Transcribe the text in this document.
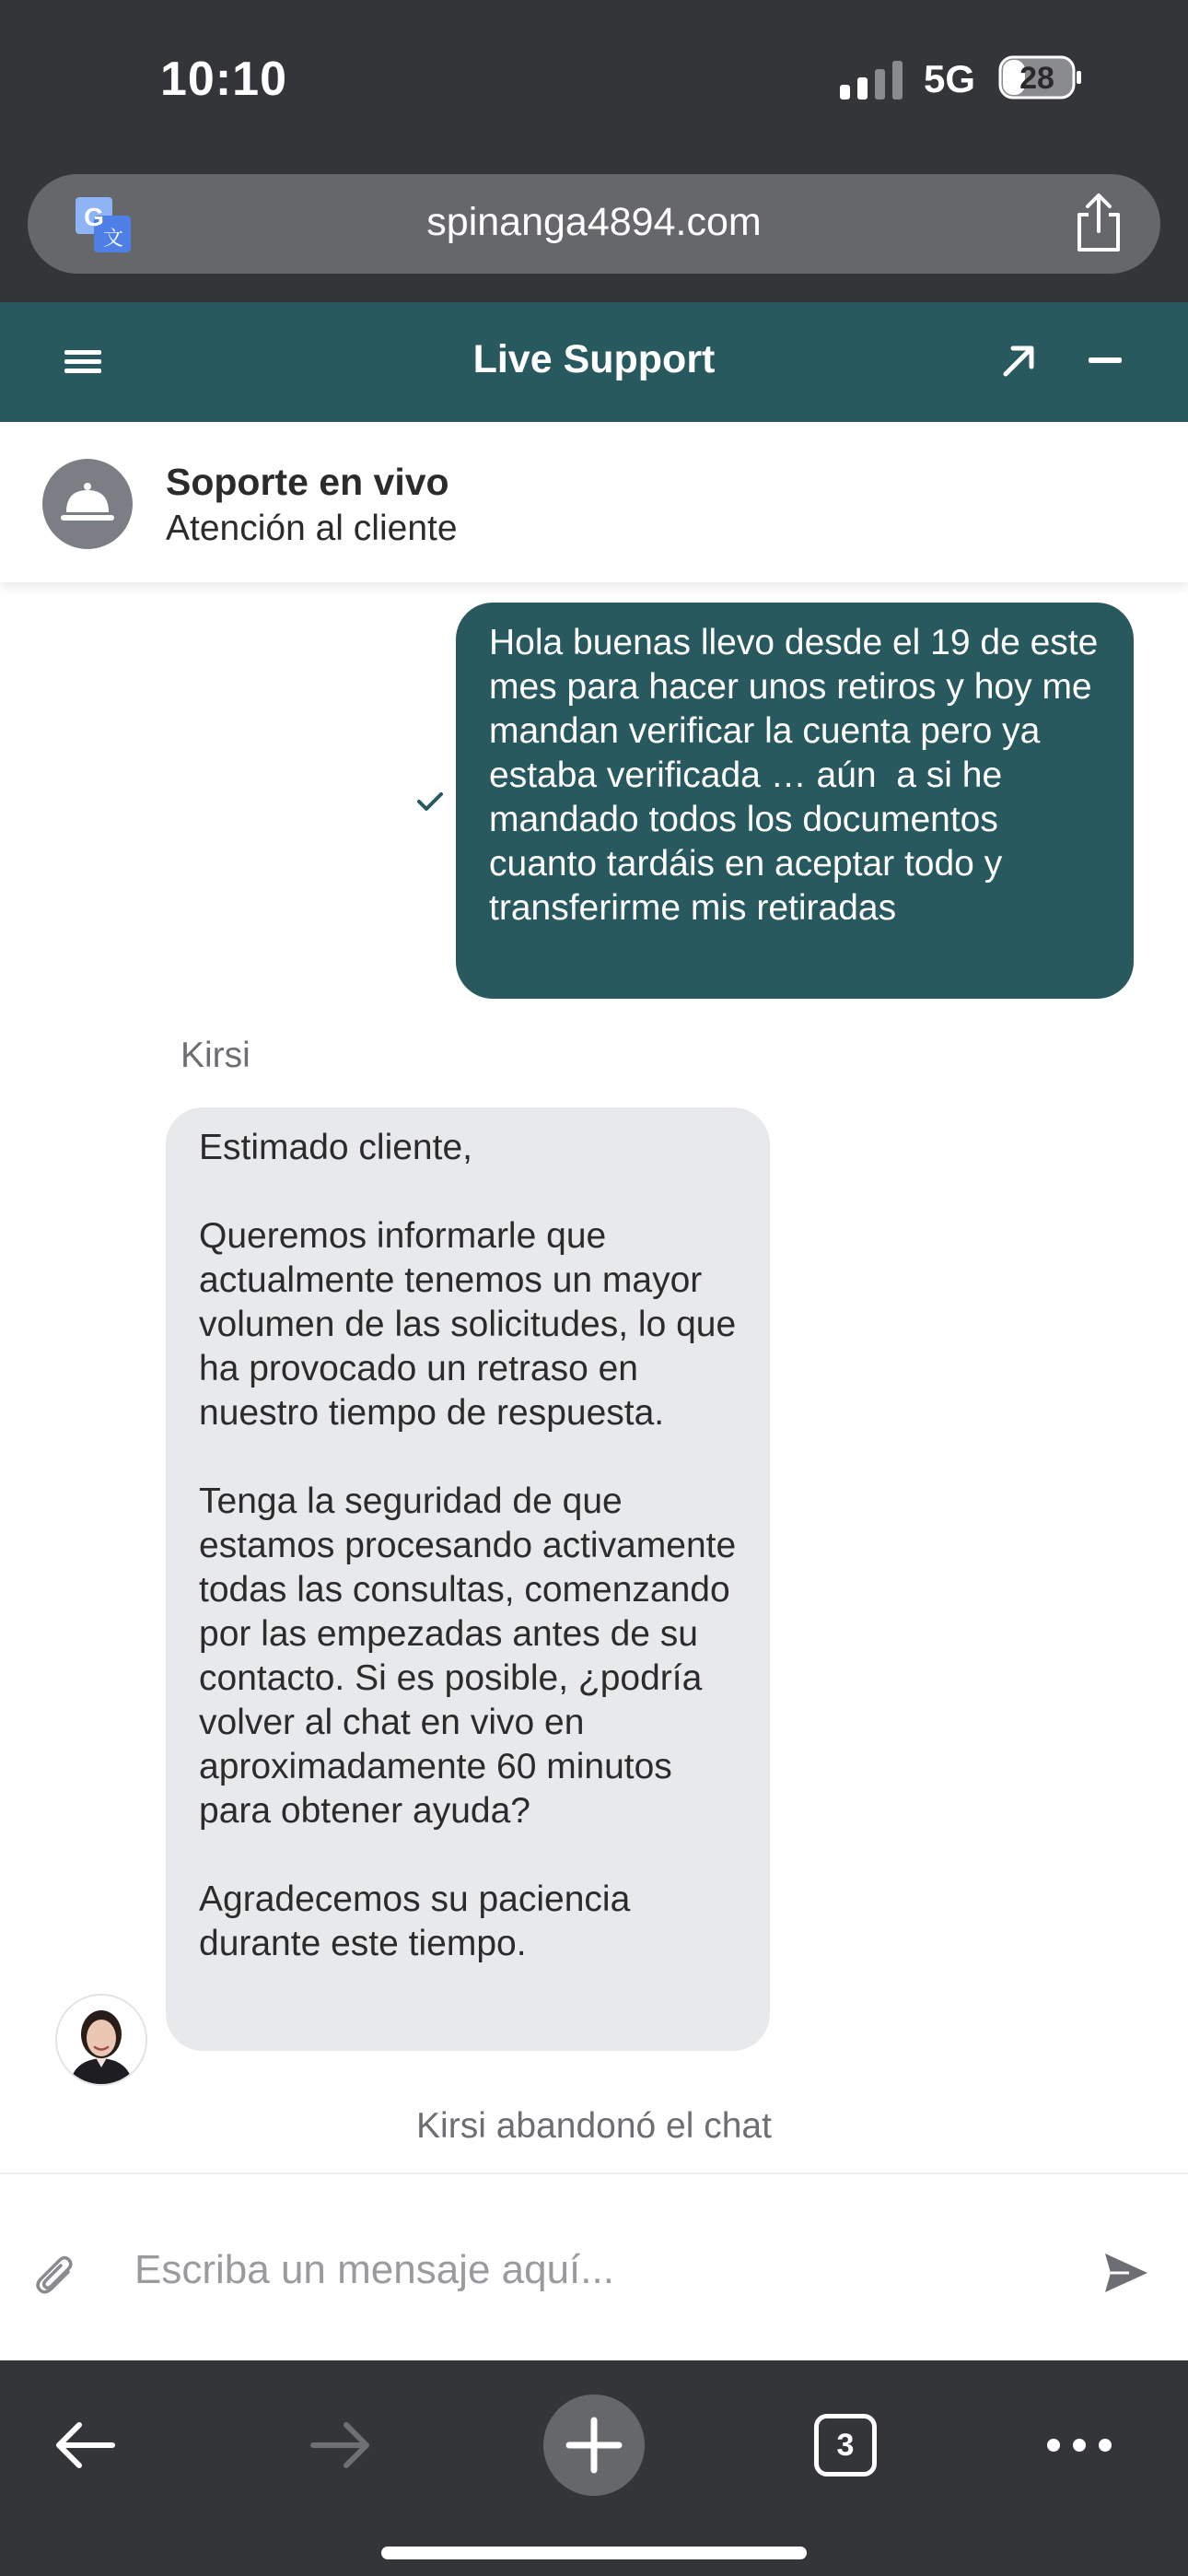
10:10	5G	28
G
文	spinanga4894.com
Live Support
Soporte en vivo
Atención al cliente
Hola buenas llevo desde el 19 de este mes para hacer unos retiros y hoy me mandan verificar la cuenta pero ya estaba verificada … aún  a si he mandado todos los documentos cuanto tardáis en aceptar todo y transferirme mis retiradas
Kirsi
Estimado cliente,

Queremos informarle que actualmente tenemos un mayor volumen de las solicitudes, lo que ha provocado un retraso en nuestro tiempo de respuesta.

Tenga la seguridad de que estamos procesando activamente todas las consultas, comenzando por las empezadas antes de su contacto. Si es posible, ¿podría volver al chat en vivo en aproximadamente 60 minutos para obtener ayuda?

Agradecemos su paciencia durante este tiempo.
Kirsi abandonó el chat
Escriba un mensaje aquí...
3
